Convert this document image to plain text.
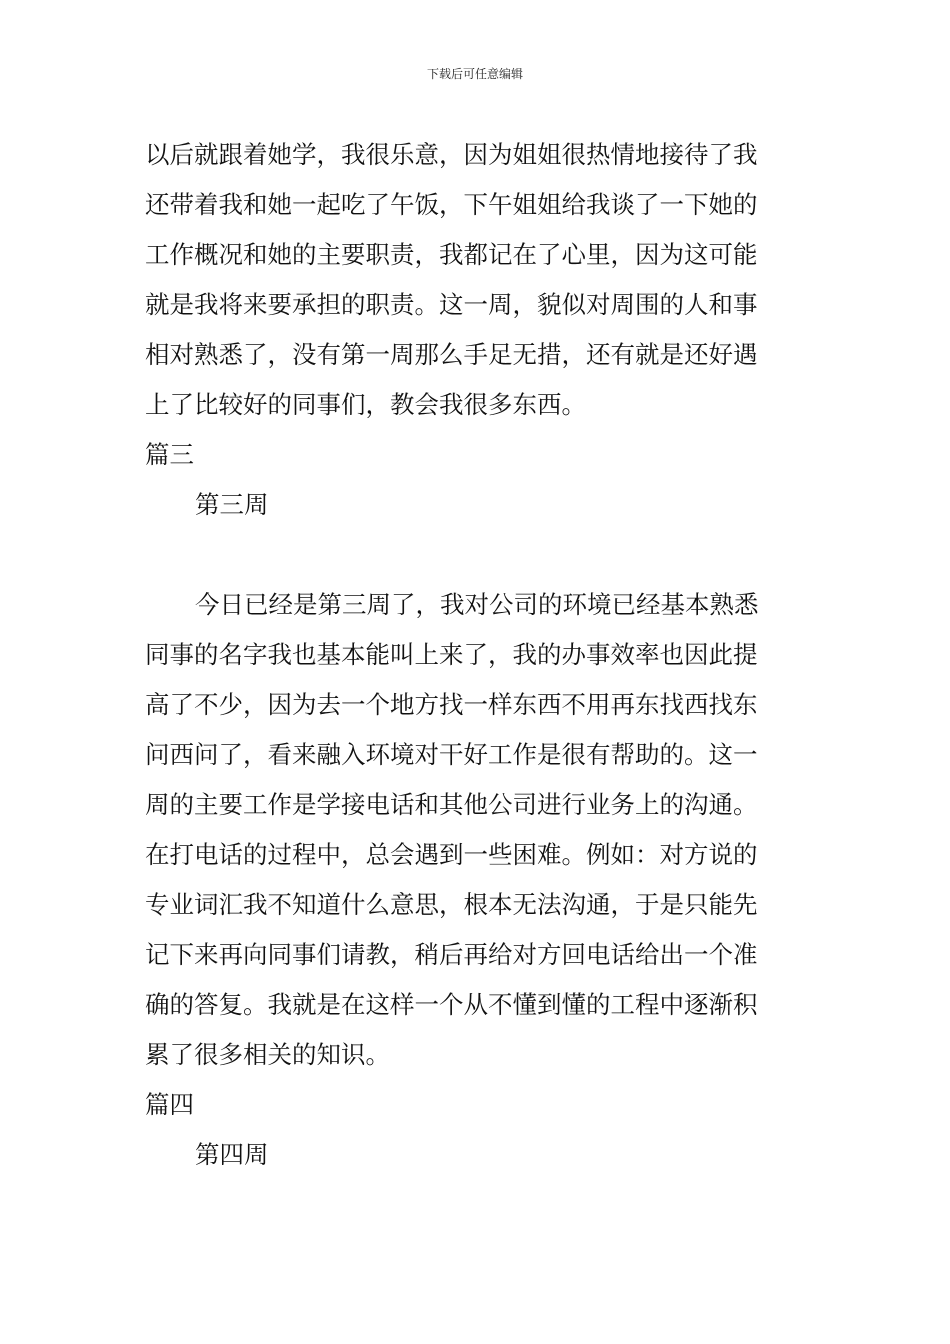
下载后可任意编辑
以后就跟着她学，我很乐意，因为姐姐很热情地接待了我
还带着我和她一起吃了午饭，下午姐姐给我谈了一下她的
工作概况和她的主要职责，我都记在了心里，因为这可能
就是我将来要承担的职责。这一周，貌似对周围的人和事
相对熟悉了，没有第一周那么手足无措，还有就是还好遇
上了比较好的同事们，教会我很多东西。
篇三
第三周
今日已经是第三周了，我对公司的环境已经基本熟悉
同事的名字我也基本能叫上来了，我的办事效率也因此提
高了不少，因为去一个地方找一样东西不用再东找西找东
问西问了，看来融入环境对干好工作是很有帮助的。这一
周的主要工作是学接电话和其他公司进行业务上的沟通。
在打电话的过程中，总会遇到一些困难。例如：对方说的
专业词汇我不知道什么意思，根本无法沟通，于是只能先
记下来再向同事们请教，稍后再给对方回电话给出一个准
确的答复。我就是在这样一个从不懂到懂的工程中逐渐积
累了很多相关的知识。
篇四
第四周
